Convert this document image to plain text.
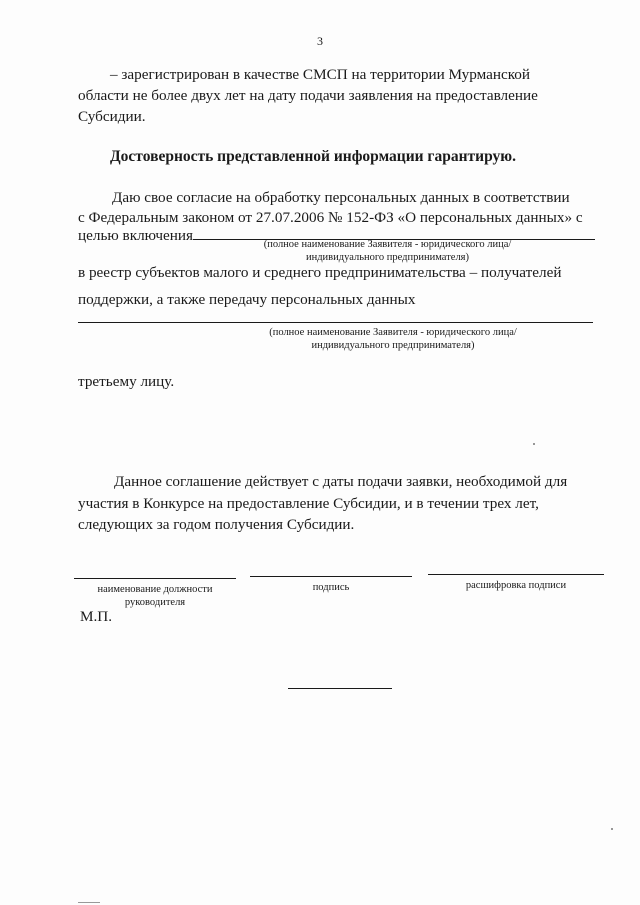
3
– зарегистрирован в качестве СМСП на территории Мурманской
области не более двух лет на дату подачи заявления на предоставление
Субсидии.
Достоверность представленной информации гарантирую.
Даю свое согласие на обработку персональных данных в соответствии
с Федеральным законом от 27.07.2006 № 152-ФЗ «О персональных данных» с
целью включения
(полное наименование Заявителя - юридического лица/
индивидуального предпринимателя)
в реестр субъектов малого и среднего предпринимательства – получателей
поддержки, а также передачу персональных данных
(полное наименование Заявителя - юридического лица/
индивидуального предпринимателя)
третьему лицу.
Данное соглашение действует с даты подачи заявки, необходимой для
участия в Конкурсе на предоставление Субсидии, и в течении трех лет,
следующих за годом получения Субсидии.
наименование должности
руководителя
подпись	расшифровка подписи
М.П.
